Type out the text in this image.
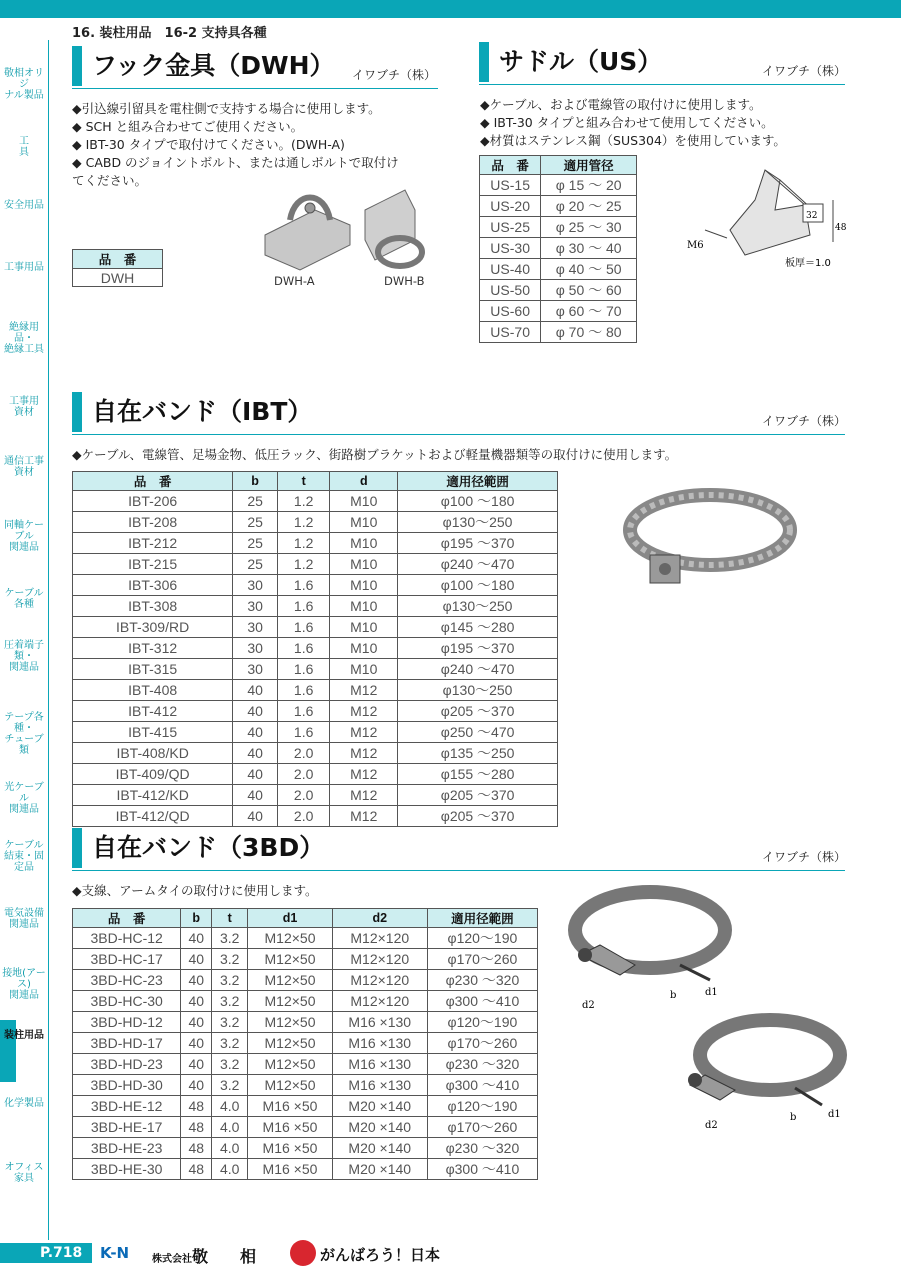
16. 装柱用品　16-2 支持具各種
敬相オリジ
ナル製品
工
具
安全用品
工事用品
絶縁用品・
絶縁工具
工事用
資材
通信工事
資材
同軸ケーブル
関連品
ケーブル
各種
圧着端子類・
関連品
テープ各種・
チューブ類
光ケーブル
関連品
ケーブル
結束・固定品
電気設備
関連品
接地(アース)
関連品
装柱用品
化学製品
オフィス
家具
フック金具（DWH） イワブチ（株）
◆引込線引留具を電柱側で支持する場合に使用します。
◆ SCH と組み合わせてご使用ください。
◆ IBT-30 タイプで取付けてください。(DWH-A)
◆ CABD のジョイントボルト、または通しボルトで取付け
てください。
品　番
DWH	DWH-A	DWH-B
サドル（US）	イワブチ（株）
◆ケーブル、および電線管の取付けに使用します。
◆ IBT-30 タイプと組み合わせて使用してください。
◆材質はステンレス鋼（SUS304）を使用しています。
品　番	適用管径
US-15	φ 15 ～ 20
US-20	φ 20 ～ 25
US-25	φ 25 ～ 30
US-30	φ 30 ～ 40
US-40	φ 40 ～ 50
US-50	φ 50 ～ 60
US-60	φ 60 ～ 70
US-70	φ 70 ～ 80
M6
32
48
板厚＝1.0
自在バンド（IBT）	イワブチ（株）
◆ケーブル、電線管、足場金物、低圧ラック、街路樹ブラケットおよび軽量機器類等の取付けに使用します。
品　番	b	t	d	適用径範囲
IBT-206	25	1.2	M10	φ100 ～180
IBT-208	25	1.2	M10	φ130～250
IBT-212	25	1.2	M10	φ195 ～370
IBT-215	25	1.2	M10	φ240 ～470
IBT-306	30	1.6	M10	φ100 ～180
IBT-308	30	1.6	M10	φ130～250
IBT-309/RD	30	1.6	M10	φ145 ～280
IBT-312	30	1.6	M10	φ195 ～370
IBT-315	30	1.6	M10	φ240 ～470
IBT-408	40	1.6	M12	φ130～250
IBT-412	40	1.6	M12	φ205 ～370
IBT-415	40	1.6	M12	φ250 ～470
IBT-408/KD	40	2.0	M12	φ135 ～250
IBT-409/QD	40	2.0	M12	φ155 ～280
IBT-412/KD	40	2.0	M12	φ205 ～370
IBT-412/QD	40	2.0	M12	φ205 ～370
自在バンド（3BD）	イワブチ（株）
◆支線、アームタイの取付けに使用します。
品　番	b	t	d1	d2	適用径範囲
3BD-HC-12	40	3.2	M12×50	M12×120	φ120～190
3BD-HC-17	40	3.2	M12×50	M12×120	φ170～260
3BD-HC-23	40	3.2	M12×50	M12×120	φ230 ～320
3BD-HC-30	40	3.2	M12×50	M12×120	φ300 ～410
3BD-HD-12	40	3.2	M12×50	M16 ×130	φ120～190
3BD-HD-17	40	3.2	M12×50	M16 ×130	φ170～260
3BD-HD-23	40	3.2	M12×50	M16 ×130	φ230 ～320
3BD-HD-30	40	3.2	M12×50	M16 ×130	φ300 ～410
3BD-HE-12	48	4.0	M16 ×50	M20 ×140	φ120～190
3BD-HE-17	48	4.0	M16 ×50	M20 ×140	φ170～260
3BD-HE-23	48	4.0	M16 ×50	M20 ×140	φ230 ～320
3BD-HE-30	48	4.0	M16 ×50	M20 ×140	φ300 ～410
d2
b	d1
d2
b	d1
P.718 K-N 株式会社 敬　　相	がんばろう！日本
